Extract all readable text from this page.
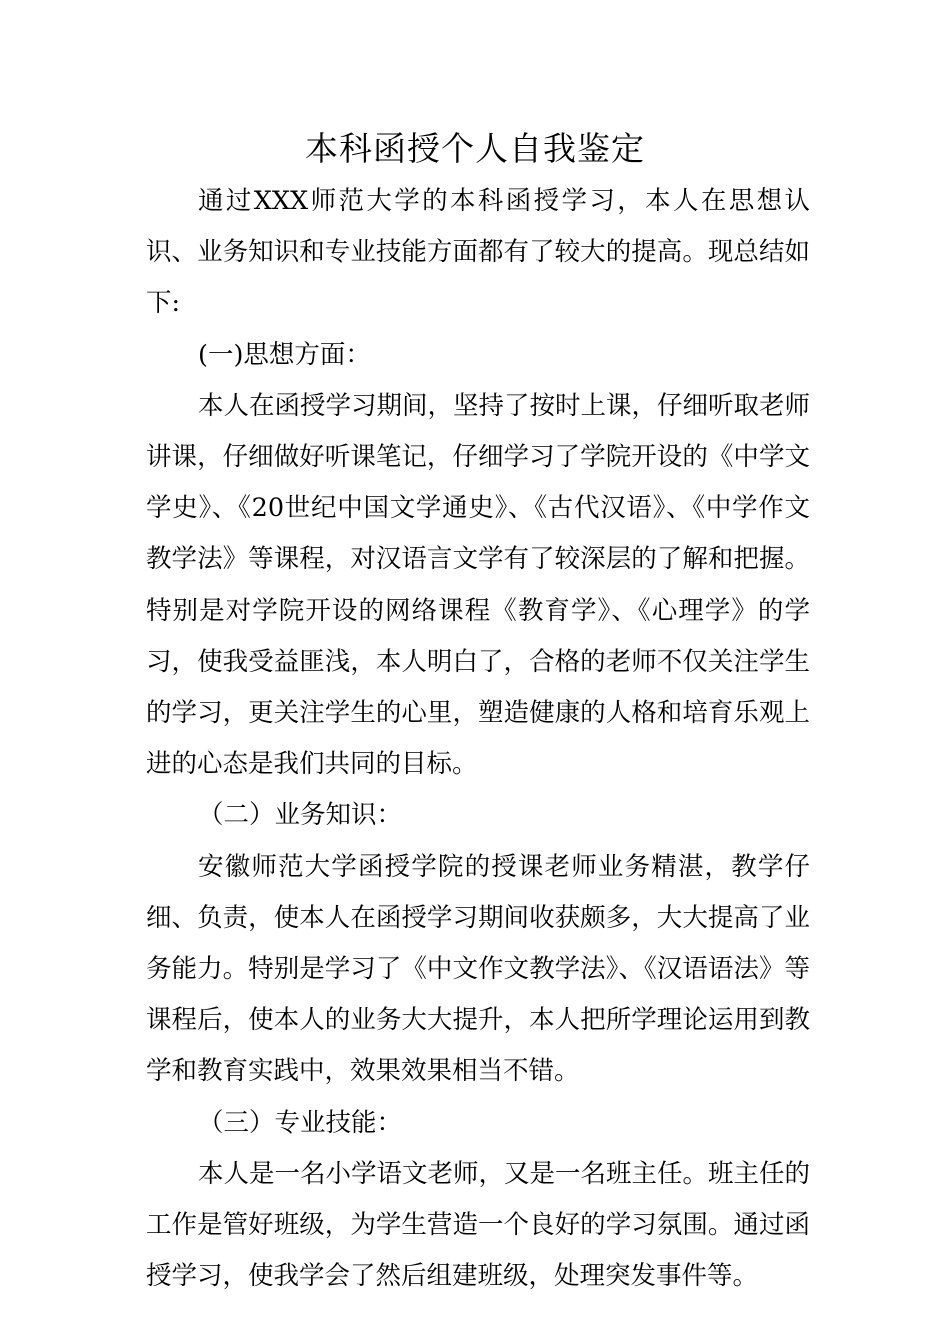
本科函授个人自我鉴定

通过XXX师范大学的本科函授学习，本人在思想认识、业务知识和专业技能方面都有了较大的提高。现总结如下:

(一)思想方面：

本人在函授学习期间，坚持了按时上课，仔细听取老师讲课，仔细做好听课笔记，仔细学习了学院开设的《中学文学史》、《20世纪中国文学通史》、《古代汉语》、《中学作文教学法》等课程，对汉语言文学有了较深层的了解和把握。特别是对学院开设的网络课程《教育学》、《心理学》的学习，使我受益匪浅，本人明白了，合格的老师不仅关注学生的学习，更关注学生的心里，塑造健康的人格和培育乐观上进的心态是我们共同的目标。

（二）业务知识：

安徽师范大学函授学院的授课老师业务精湛，教学仔细、负责，使本人在函授学习期间收获颇多，大大提高了业务能力。特别是学习了《中文作文教学法》、《汉语语法》等课程后，使本人的业务大大提升，本人把所学理论运用到教学和教育实践中，效果效果相当不错。

（三）专业技能：

本人是一名小学语文老师，又是一名班主任。班主任的工作是管好班级，为学生营造一个良好的学习氛围。通过函授学习，使我学会了然后组建班级，处理突发事件等。
